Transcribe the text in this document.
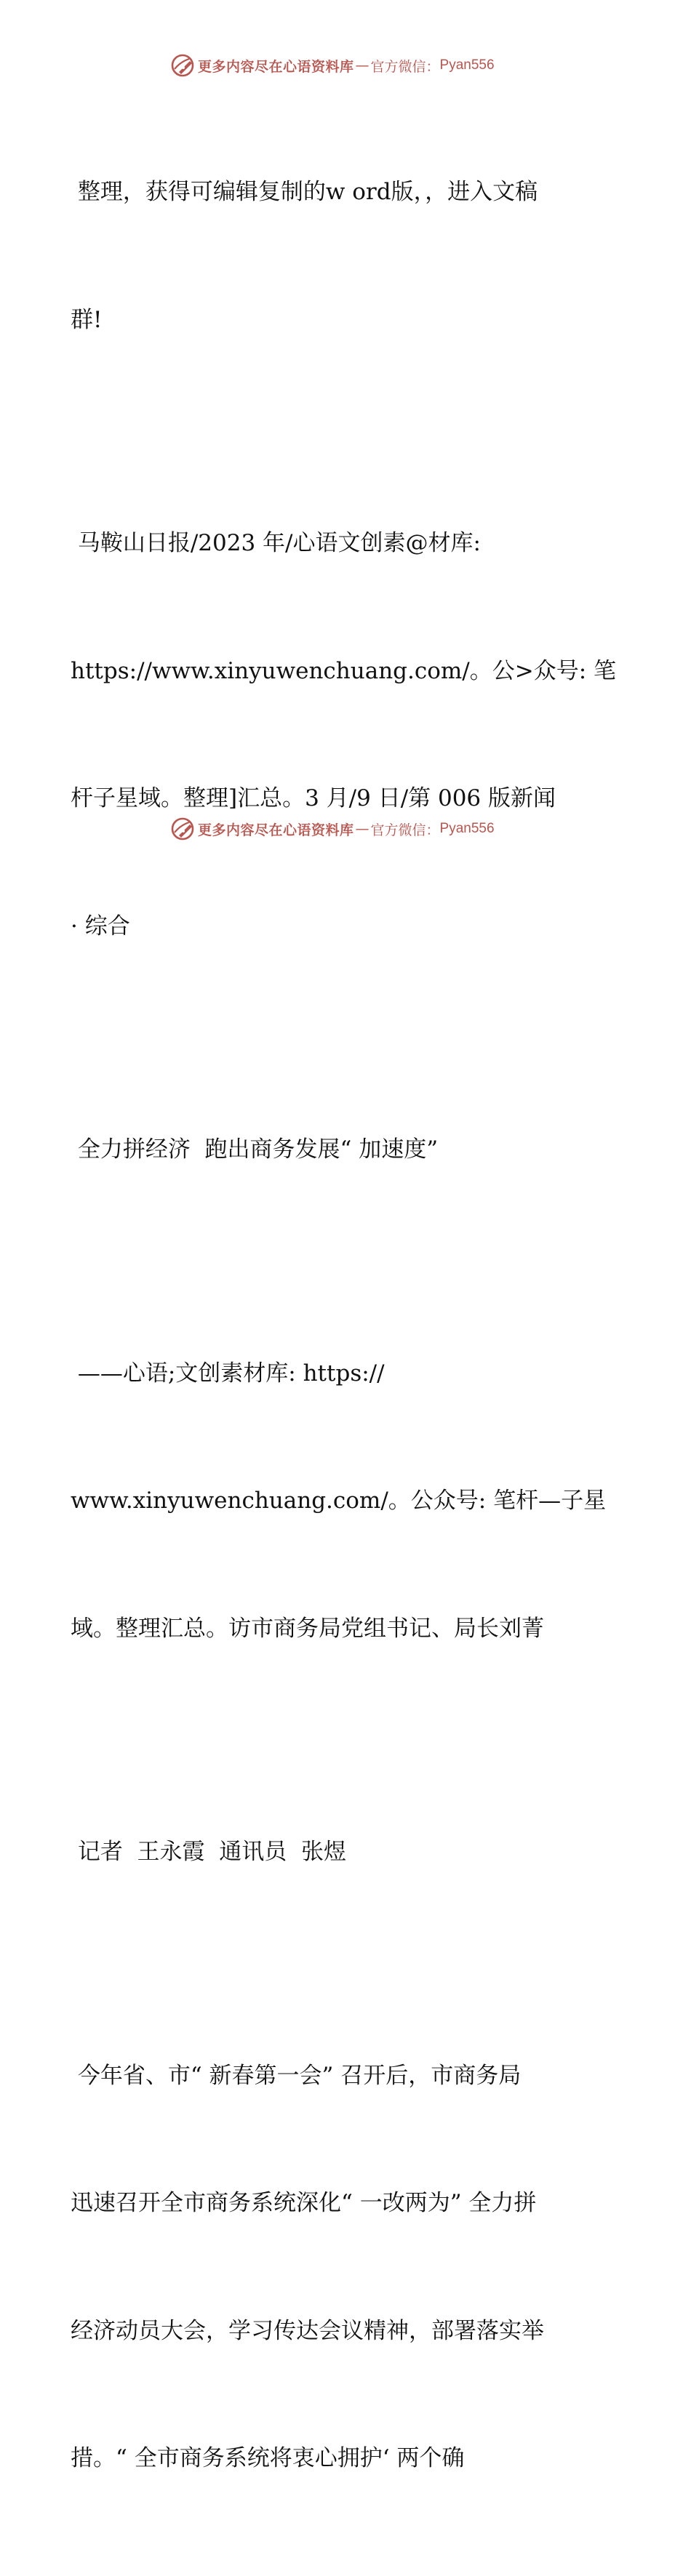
更多内容尽在心语资料库 — 官方微信： Pyan556

整理，获得可编辑复制的w ord版，，进入文稿

群!

马鞍山日报/2023 年/心语文创素@材库:

https://www.xinyuwenchuang.com/。公>众号: 笔

杆子星域。整理]汇总。3 月/9 日/第 006 版新闻

· 综合

全力拼经济  跑出商务发展“ 加速度”

——心语;文创素材库: https://

www.xinyuwenchuang.com/。公众号: 笔杆—子星

域。整理汇总。访市商务局党组书记、局长刘菁

记者  王永霞  通讯员  张煜

今年省、市“ 新春第一会” 召开后，市商务局

迅速召开全市商务系统深化“ 一改两为” 全力拼

经济动员大会，学习传达会议精神，部署落实举

措。“ 全市商务系统将衷心拥护‘ 两个确

更多内容尽在心语资料库 — 官方微信： Pyan556
